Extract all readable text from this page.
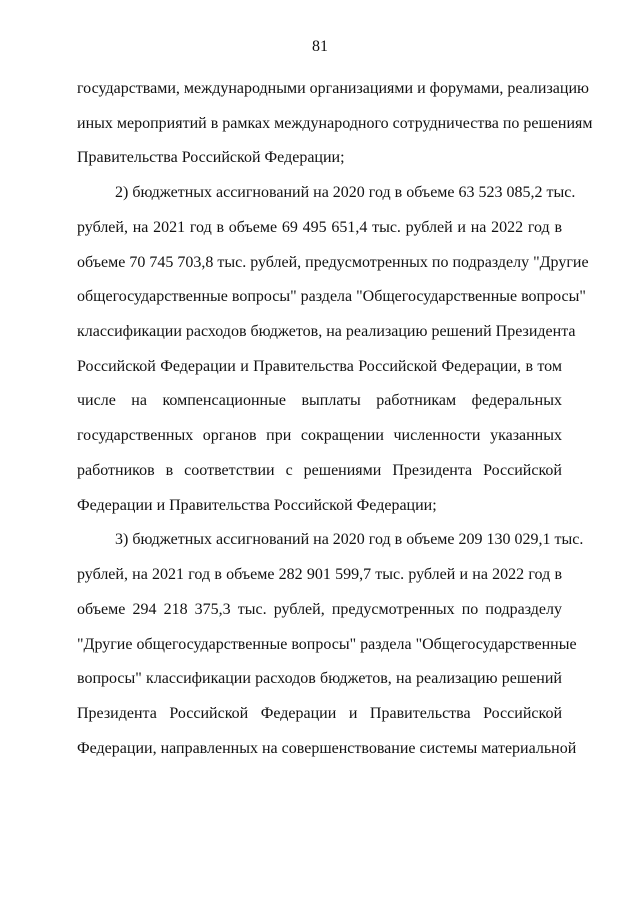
81
государствами, международными организациями и форумами, реализацию
иных мероприятий в рамках международного сотрудничества по решениям
Правительства Российской Федерации;
2) бюджетных ассигнований на 2020 год в объеме 63 523 085,2 тыс.
рублей, на 2021 год в объеме 69 495 651,4 тыс. рублей и на 2022 год в
объеме 70 745 703,8 тыс. рублей, предусмотренных по подразделу "Другие
общегосударственные вопросы" раздела "Общегосударственные вопросы"
классификации расходов бюджетов, на реализацию решений Президента
Российской Федерации и Правительства Российской Федерации, в том
числе на компенсационные выплаты работникам федеральных
государственных органов при сокращении численности указанных
работников в соответствии с решениями Президента Российской
Федерации и Правительства Российской Федерации;
3) бюджетных ассигнований на 2020 год в объеме 209 130 029,1 тыс.
рублей, на 2021 год в объеме 282 901 599,7 тыс. рублей и на 2022 год в
объеме 294 218 375,3 тыс. рублей, предусмотренных по подразделу
"Другие общегосударственные вопросы" раздела "Общегосударственные
вопросы" классификации расходов бюджетов, на реализацию решений
Президента Российской Федерации и Правительства Российской
Федерации, направленных на совершенствование системы материальной
